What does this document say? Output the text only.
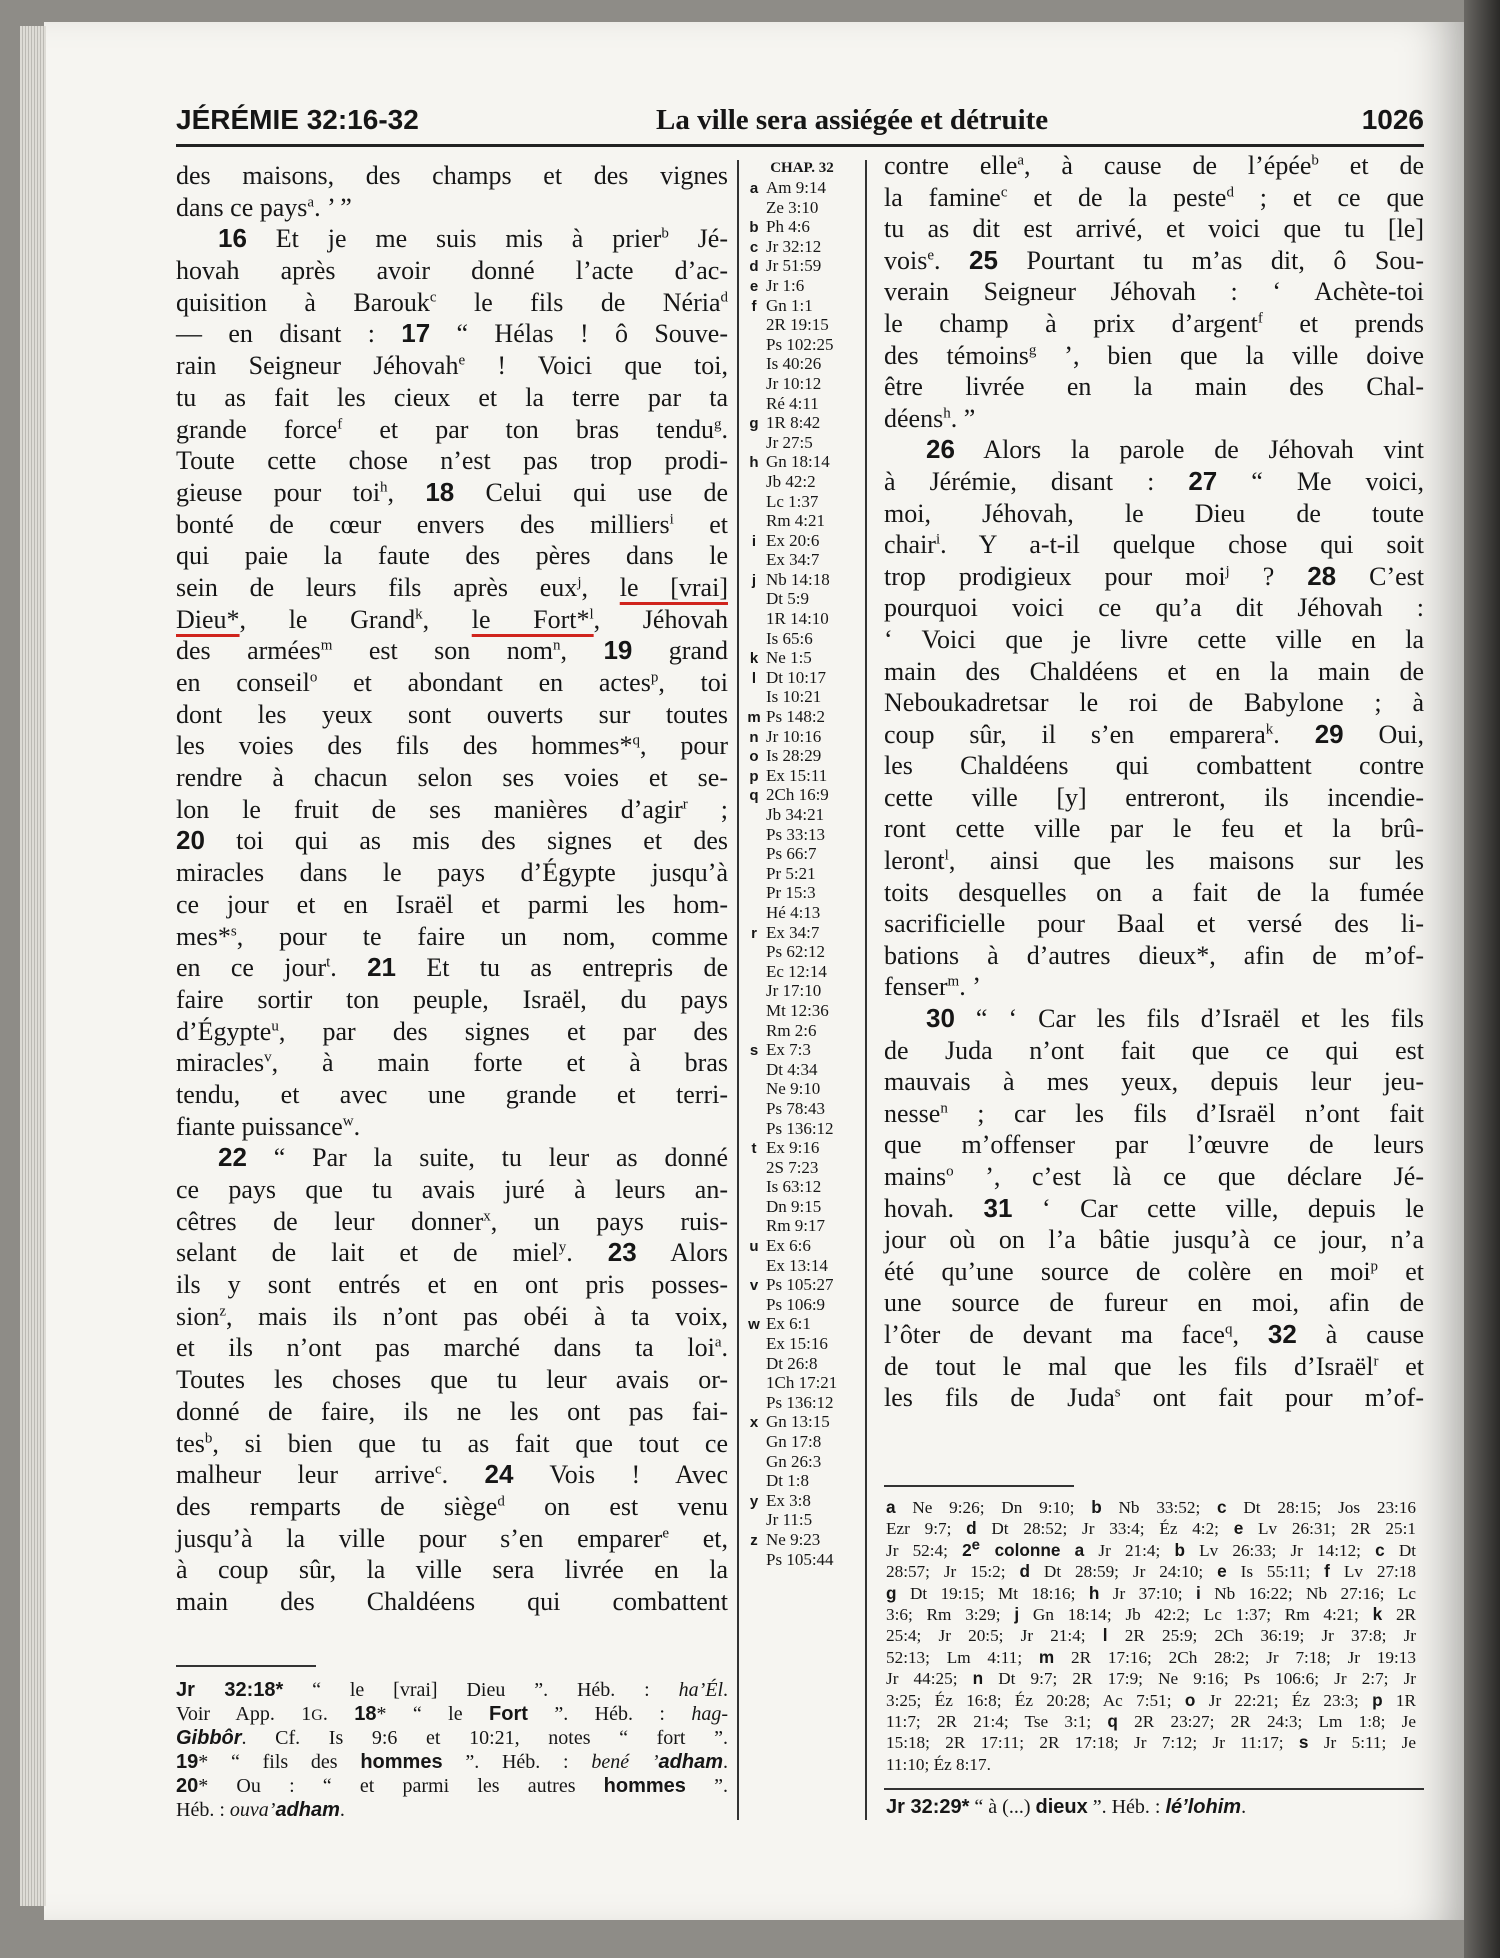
JÉRÉMIE 32:16-32	La ville sera assiégée et détruite	1026
des maisons, des champs et des vignes
dans ce pays$^a$. ’ ”
16 Et je me suis mis à prier$^b$ Jé-
hovah après avoir donné l’acte d’ac-
quisition à Barouk$^c$ le fils de Néria$^d$
— en disant : 17 “ Hélas ! ô Souve-
rain Seigneur Jéhovah$^e$ ! Voici que toi,
tu as fait les cieux et la terre par ta
grande force$^f$ et par ton bras tendu$^g$.
Toute cette chose n’est pas trop prodi-
gieuse pour toi$^h$, 18 Celui qui use de
bonté de cœur envers des milliers$^i$ et
qui paie la faute des pères dans le
sein de leurs fils après eux$^j$, le [vrai]
Dieu*, le Grand$^k$, le Fort*$^l$, Jéhovah
des armées$^m$ est son nom$^n$, 19 grand
en conseil$^o$ et abondant en actes$^p$, toi
dont les yeux sont ouverts sur toutes
les voies des fils des hommes*$^q$, pour
rendre à chacun selon ses voies et se-
lon le fruit de ses manières d’agir$^r$ ;
20 toi qui as mis des signes et des
miracles dans le pays d’Égypte jusqu’à
ce jour et en Israël et parmi les hom-
mes*$^s$, pour te faire un nom, comme
en ce jour$^t$. 21 Et tu as entrepris de
faire sortir ton peuple, Israël, du pays
d’Égypte$^u$, par des signes et par des
miracles$^v$, à main forte et à bras
tendu, et avec une grande et terri-
fiante puissance$^w$.
22 “ Par la suite, tu leur as donné
ce pays que tu avais juré à leurs an-
cêtres de leur donner$^x$, un pays ruis-
selant de lait et de miel$^y$. 23 Alors
ils y sont entrés et en ont pris posses-
sion$^z$, mais ils n’ont pas obéi à ta voix,
et ils n’ont pas marché dans ta loi$^a$.
Toutes les choses que tu leur avais or-
donné de faire, ils ne les ont pas fai-
tes$^b$, si bien que tu as fait que tout ce
malheur leur arrive$^c$. 24 Vois ! Avec
des remparts de siège$^d$ on est venu
jusqu’à la ville pour s’en emparer$^e$ et,
à coup sûr, la ville sera livrée en la
main des Chaldéens qui combattent
CHAP. 32
a Am 9:14
Ze 3:10
b Ph 4:6
c Jr 32:12
d Jr 51:59
e Jr 1:6
f Gn 1:1
2R 19:15
Ps 102:25
Is 40:26
Jr 10:12
Ré 4:11
g 1R 8:42
Jr 27:5
h Gn 18:14
Jb 42:2
Lc 1:37
Rm 4:21
i Ex 20:6
Ex 34:7
j Nb 14:18
Dt 5:9
1R 14:10
Is 65:6
k Ne 1:5
l Dt 10:17
Is 10:21
m Ps 148:2
n Jr 10:16
o Is 28:29
p Ex 15:11
q 2Ch 16:9
Jb 34:21
Ps 33:13
Ps 66:7
Pr 5:21
Pr 15:3
Hé 4:13
r Ex 34:7
Ps 62:12
Ec 12:14
Jr 17:10
Mt 12:36
Rm 2:6
s Ex 7:3
Dt 4:34
Ne 9:10
Ps 78:43
Ps 136:12
t Ex 9:16
2S 7:23
Is 63:12
Dn 9:15
Rm 9:17
u Ex 6:6
Ex 13:14
v Ps 105:27
Ps 106:9
w Ex 6:1
Ex 15:16
Dt 26:8
1Ch 17:21
Ps 136:12
x Gn 13:15
Gn 17:8
Gn 26:3
Dt 1:8
y Ex 3:8
Jr 11:5
z Ne 9:23
Ps 105:44
contre elle$^a$, à cause de l’épée$^b$ et de
la famine$^c$ et de la peste$^d$ ; et ce que
tu as dit est arrivé, et voici que tu [le]
vois$^e$. 25 Pourtant tu m’as dit, ô Sou-
verain Seigneur Jéhovah : ‘ Achète-toi
le champ à prix d’argent$^f$ et prends
des témoins$^g$ ’, bien que la ville doive
être livrée en la main des Chal-
déens$^h$. ”
26 Alors la parole de Jéhovah vint
à Jérémie, disant : 27 “ Me voici,
moi, Jéhovah, le Dieu de toute
chair$^i$. Y a-t-il quelque chose qui soit
trop prodigieux pour moi$^j$ ? 28 C’est
pourquoi voici ce qu’a dit Jéhovah :
‘ Voici que je livre cette ville en la
main des Chaldéens et en la main de
Neboukadretsar le roi de Babylone ; à
coup sûr, il s’en emparera$^k$. 29 Oui,
les Chaldéens qui combattent contre
cette ville [y] entreront, ils incendie-
ront cette ville par le feu et la brû-
leront$^l$, ainsi que les maisons sur les
toits desquelles on a fait de la fumée
sacrificielle pour Baal et versé des li-
bations à d’autres dieux*, afin de m’of-
fenser$^m$. ’
30 “ ‘ Car les fils d’Israël et les fils
de Juda n’ont fait que ce qui est
mauvais à mes yeux, depuis leur jeu-
nesse$^n$ ; car les fils d’Israël n’ont fait
que m’offenser par l’œuvre de leurs
mains$^o$ ’, c’est là ce que déclare Jé-
hovah. 31 ‘ Car cette ville, depuis le
jour où on l’a bâtie jusqu’à ce jour, n’a
été qu’une source de colère en moi$^p$ et
une source de fureur en moi, afin de
l’ôter de devant ma face$^q$, 32 à cause
de tout le mal que les fils d’Israël$^r$ et
les fils de Juda$^s$ ont fait pour m’of-
Jr 32:18* “ le [vrai] Dieu ”. Héb. : ha’Él.
Voir App. 1G. 18* “ le Fort ”. Héb. : hag-
Gibbôr. Cf. Is 9:6 et 10:21, notes “ fort ”.
19* “ fils des hommes ”. Héb. : bené ’adham.
20* Ou : “ et parmi les autres hommes ”.
Héb. : ouva’adham.
a Ne 9:26; Dn 9:10; b Nb 33:52; c Dt 28:15; Jos 23:16
Ezr 9:7; d Dt 28:52; Jr 33:4; Éz 4:2; e Lv 26:31; 2R 25:1
Jr 52:4; 2e colonne a Jr 21:4; b Lv 26:33; Jr 14:12; c Dt
28:57; Jr 15:2; d Dt 28:59; Jr 24:10; e Is 55:11; f Lv 27:18
g Dt 19:15; Mt 18:16; h Jr 37:10; i Nb 16:22; Nb 27:16; Lc
3:6; Rm 3:29; j Gn 18:14; Jb 42:2; Lc 1:37; Rm 4:21; k 2R
25:4; Jr 20:5; Jr 21:4; l 2R 25:9; 2Ch 36:19; Jr 37:8; Jr
52:13; Lm 4:11; m 2R 17:16; 2Ch 28:2; Jr 7:18; Jr 19:13
Jr 44:25; n Dt 9:7; 2R 17:9; Ne 9:16; Ps 106:6; Jr 2:7; Jr
3:25; Éz 16:8; Éz 20:28; Ac 7:51; o Jr 22:21; Éz 23:3; p 1R
11:7; 2R 21:4; Tse 3:1; q 2R 23:27; 2R 24:3; Lm 1:8; Je
15:18; 2R 17:11; 2R 17:18; Jr 7:12; Jr 11:17; s Jr 5:11; Je
11:10; Éz 8:17.
Jr 32:29* “ à (...) dieux ”. Héb. : lé’lohim.
